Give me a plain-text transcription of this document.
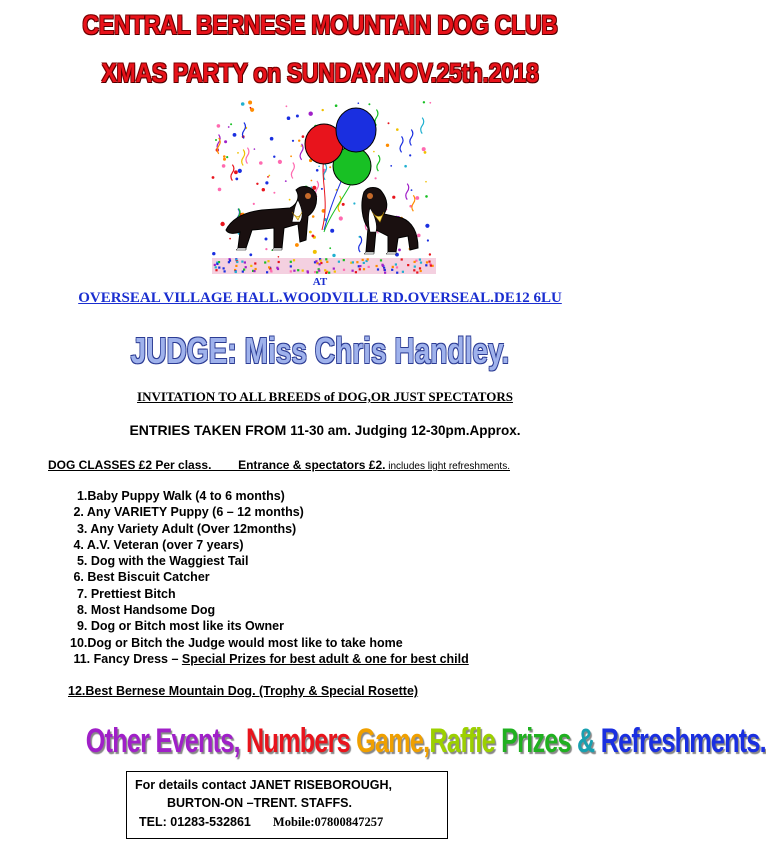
CENTRAL BERNESE MOUNTAIN DOG CLUB
XMAS PARTY on SUNDAY.NOV.25th.2018
AT
OVERSEAL VILLAGE HALL.WOODVILLE RD.OVERSEAL.DE12 6LU
JUDGE: Miss Chris Handley.
INVITATION TO ALL BREEDS of DOG,OR JUST SPECTATORS
ENTRIES TAKEN FROM 11-30 am. Judging 12-30pm.Approx.
DOG CLASSES £2 Per class.        Entrance & spectators £2. includes light refreshments.
1.Baby Puppy Walk (4 to 6 months)
2. Any VARIETY Puppy (6 – 12 months)
3. Any Variety Adult (Over 12months)
4. A.V. Veteran (over 7 years)
5. Dog with the Waggiest Tail
6. Best Biscuit Catcher
7. Prettiest Bitch
8. Most Handsome Dog
9. Dog or Bitch most like its Owner
10.Dog or Bitch the Judge would most like to take home
11. Fancy Dress – Special Prizes for best adult & one for best child
12.Best Bernese Mountain Dog. (Trophy & Special Rosette)
Other Events, Numbers Game,Raffle Prizes & Refreshments.
For details contact JANET RISEBOROUGH,
BURTON-ON –TRENT. STAFFS.
TEL: 01283-532861 Mobile:07800847257
